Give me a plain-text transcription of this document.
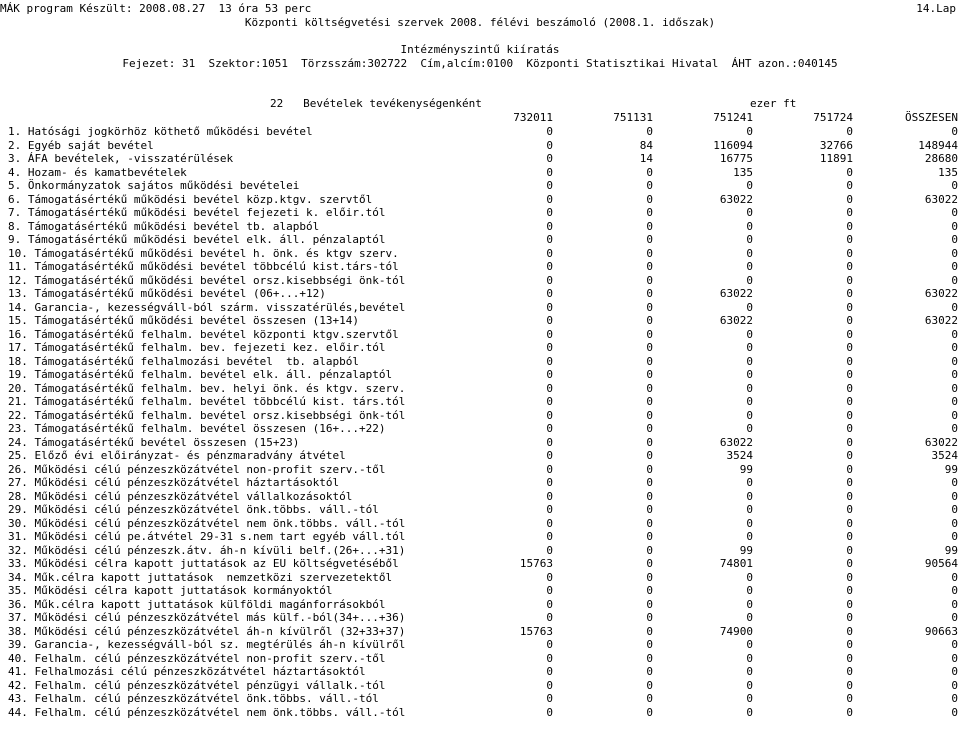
MÁK program Készült: 2008.08.27  13 óra 53 perc	14.Lap
Központi költségvetési szervek 2008. félévi beszámoló (2008.1. időszak)
Intézményszintű kiíratás
Fejezet: 31  Szektor:1051  Törzsszám:302722  Cím,alcím:0100  Központi Statisztikai Hivatal  ÁHT azon.:040145
22   Bevételek tevékenységenként	ezer ft
732011	751131	751241	751724	ÖSSZESEN
1. Hatósági jogkörhöz köthető működési bevétel	0	0	0	0	0
2. Egyéb saját bevétel	0	84	116094	32766	148944
3. ÁFA bevételek, -visszatérülések	0	14	16775	11891	28680
4. Hozam- és kamatbevételek	0	0	135	0	135
5. Önkormányzatok sajátos működési bevételei	0	0	0	0	0
6. Támogatásértékű működési bevétel közp.ktgv. szervtől	0	0	63022	0	63022
7. Támogatásértékű működési bevétel fejezeti k. előir.tól	0	0	0	0	0
8. Támogatásértékű működési bevétel tb. alapból	0	0	0	0	0
9. Támogatásértékű működési bevétel elk. áll. pénzalaptól	0	0	0	0	0
10. Támogatásértékű működési bevétel h. önk. és ktgv szerv.	0	0	0	0	0
11. Támogatásértékű működési bevétel többcélú kist.társ-tól	0	0	0	0	0
12. Támogatásértékű működési bevétel orsz.kisebbségi önk-tól	0	0	0	0	0
13. Támogatásértékű működési bevétel (06+...+12)	0	0	63022	0	63022
14. Garancia-, kezességváll-ból szárm. visszatérülés,bevétel	0	0	0	0	0
15. Támogatásértékű működési bevétel összesen (13+14)	0	0	63022	0	63022
16. Támogatásértékű felhalm. bevétel központi ktgv.szervtől	0	0	0	0	0
17. Támogatásértékű felhalm. bev. fejezeti kez. előir.tól	0	0	0	0	0
18. Támogatásértékű felhalmozási bevétel  tb. alapból	0	0	0	0	0
19. Támogatásértékű felhalm. bevétel elk. áll. pénzalaptól	0	0	0	0	0
20. Támogatásértékű felhalm. bev. helyi önk. és ktgv. szerv.	0	0	0	0	0
21. Támogatásértékű felhalm. bevétel többcélú kist. társ.tól	0	0	0	0	0
22. Támogatásértékű felhalm. bevétel orsz.kisebbségi önk-tól	0	0	0	0	0
23. Támogatásértékű felhalm. bevétel összesen (16+...+22)	0	0	0	0	0
24. Támogatásértékű bevétel összesen (15+23)	0	0	63022	0	63022
25. Előző évi előirányzat- és pénzmaradvány átvétel	0	0	3524	0	3524
26. Működési célú pénzeszközátvétel non-profit szerv.-től	0	0	99	0	99
27. Működési célú pénzeszközátvétel háztartásoktól	0	0	0	0	0
28. Működési célú pénzeszközátvétel vállalkozásoktól	0	0	0	0	0
29. Működési célú pénzeszközátvétel önk.többs. váll.-tól	0	0	0	0	0
30. Működési célú pénzeszközátvétel nem önk.többs. váll.-tól	0	0	0	0	0
31. Működési célú pe.átvétel 29-31 s.nem tart egyéb váll.tól	0	0	0	0	0
32. Működési célú pénzeszk.átv. áh-n kívüli belf.(26+...+31)	0	0	99	0	99
33. Működési célra kapott juttatások az EU költségvetéséből	15763	0	74801	0	90564
34. Műk.célra kapott juttatások  nemzetközi szervezetektől	0	0	0	0	0
35. Működési célra kapott juttatások kormányoktól	0	0	0	0	0
36. Műk.célra kapott juttatások külföldi magánforrásokból	0	0	0	0	0
37. Működési célú pénzeszközátvétel más külf.-ból(34+...+36)	0	0	0	0	0
38. Működési célú pénzeszközátvétel áh-n kívülről (32+33+37)	15763	0	74900	0	90663
39. Garancia-, kezességváll-ból sz. megtérülés áh-n kívülről	0	0	0	0	0
40. Felhalm. célú pénzeszközátvétel non-profit szerv.-től	0	0	0	0	0
41. Felhalmozási célú pénzeszközátvétel háztartásoktól	0	0	0	0	0
42. Felhalm. célú pénzeszközátvétel pénzügyi vállalk.-tól	0	0	0	0	0
43. Felhalm. célú pénzeszközátvétel önk.többs. váll.-tól	0	0	0	0	0
44. Felhalm. célú pénzeszközátvétel nem önk.többs. váll.-tól	0	0	0	0	0
